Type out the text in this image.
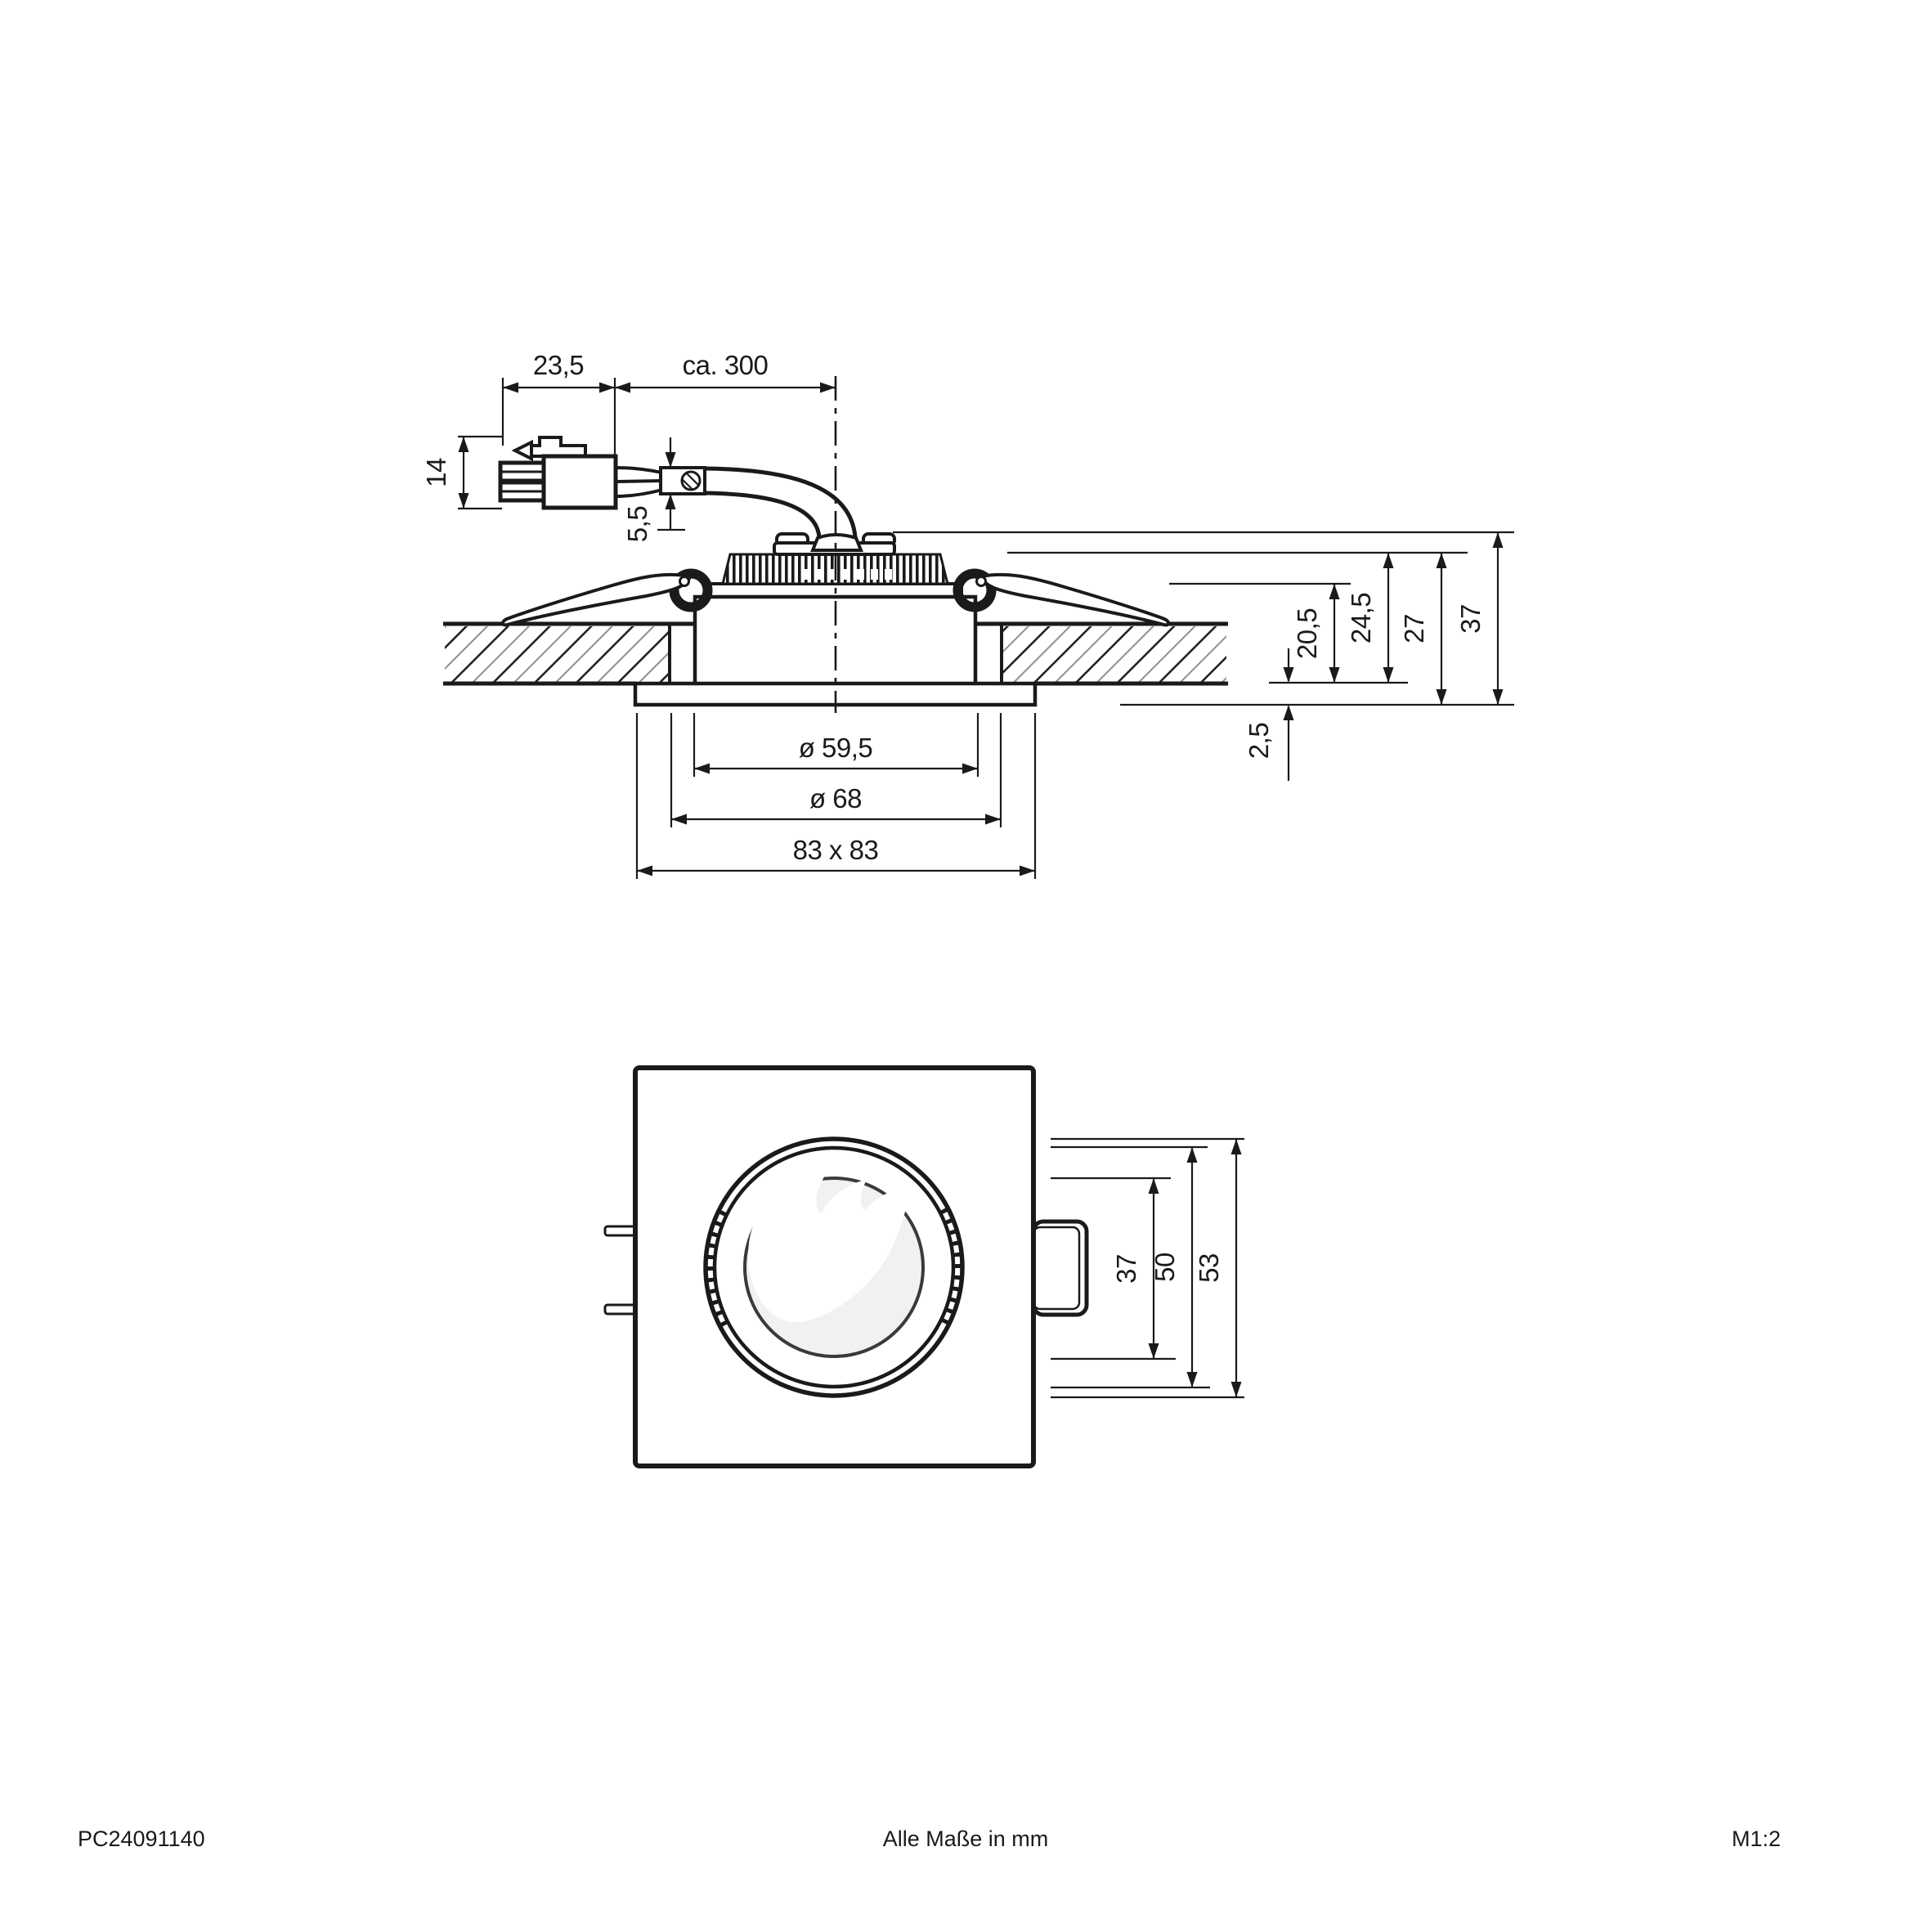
23,5	ca. 300
14
5,5
20,5 24,5 27 37
2,5
ø 59,5
ø 68
83 x 83
37 50 53
PC24091140	Alle Maße in mm	M1:2
